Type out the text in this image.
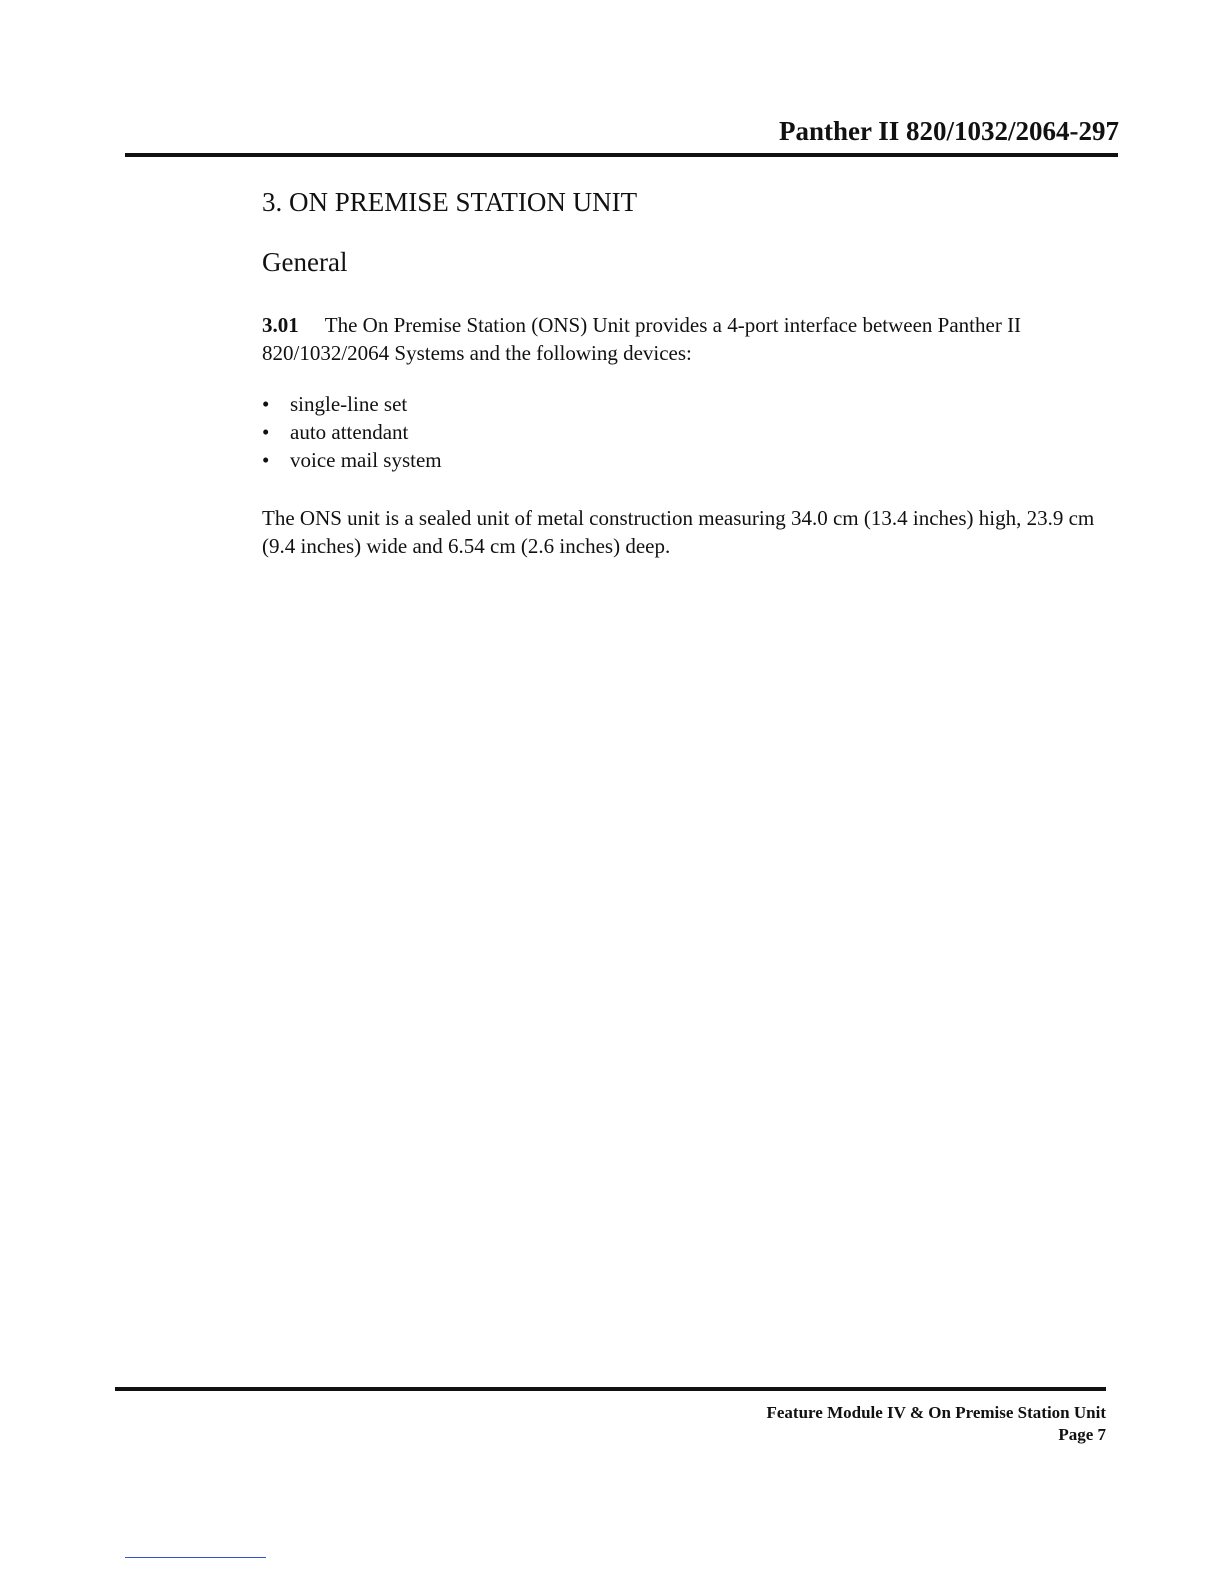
Panther II 820/1032/2064-297
3. ON PREMISE STATION UNIT
General
3.01 The On Premise Station (ONS) Unit provides a 4-port interface between Panther II 820/1032/2064 Systems and the following devices:
• single-line set
• auto attendant
• voice mail system
The ONS unit is a sealed unit of metal construction measuring 34.0 cm (13.4 inches) high, 23.9 cm (9.4 inches) wide and 6.54 cm (2.6 inches) deep.
Feature Module IV & On Premise Station Unit
Page 7
